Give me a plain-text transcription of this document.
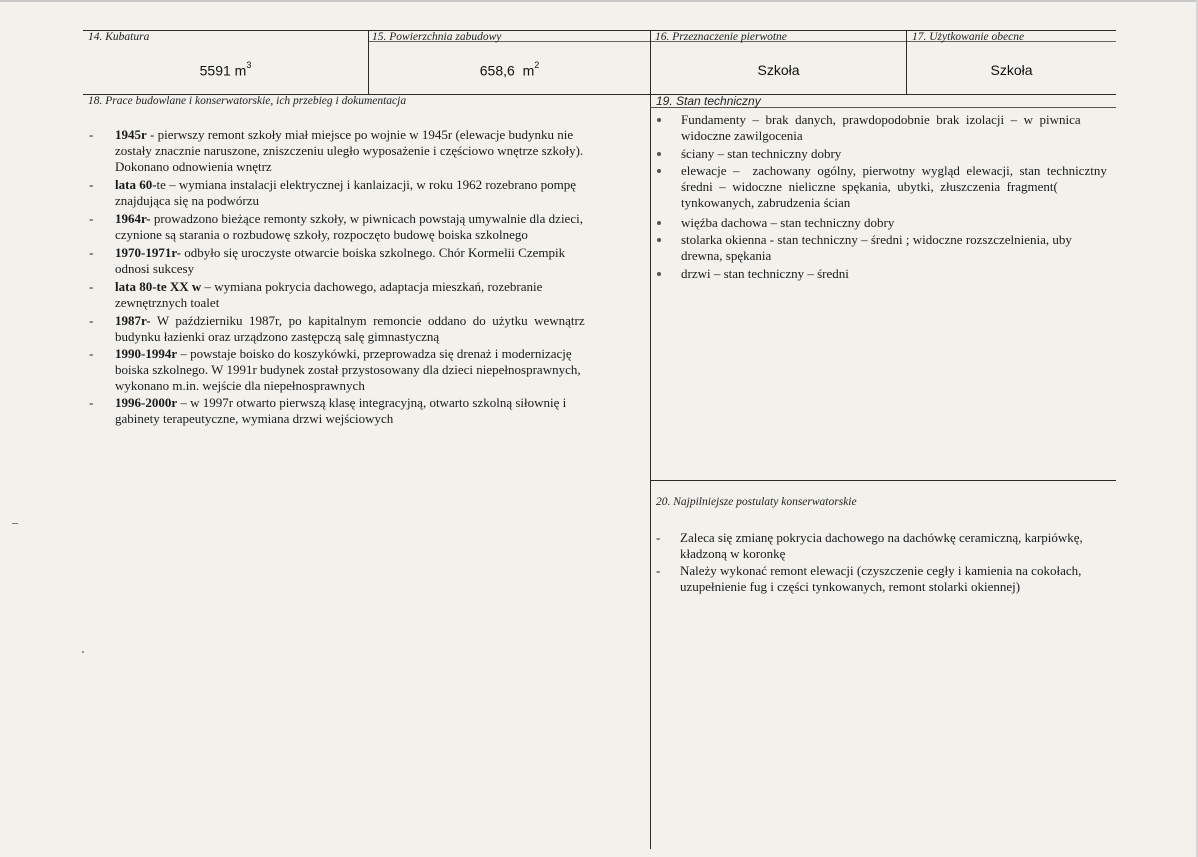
14. Kubatura
5591 $m^3$
15. Powierzchnia zabudowy
658,6  $m^2$
16. Przeznaczenie pierwotne
Szkoła
17. Użytkowanie obecne
Szkoła
18. Prace budowlane i konserwatorskie, ich przebieg i dokumentacja
- 1945r - pierwszy remont szkoły miał miejsce po wojnie w 1945r (elewacje budynku nie
zostały znacznie naruszone, zniszczeniu uległo wyposażenie i częściowo wnętrze szkoły).
Dokonano odnowienia wnętrz
- lata 60-te – wymiana instalacji elektrycznej i kanlaizacji, w roku 1962 rozebrano pompę
znajdująca się na podwórzu
- 1964r- prowadzono bieżące remonty szkoły, w piwnicach powstają umywalnie dla dzieci,
czynione są starania o rozbudowę szkoły, rozpoczęto budowę boiska szkolnego
- 1970-1971r- odbyło się uroczyste otwarcie boiska szkolnego. Chór Kormelii Czempik
odnosi sukcesy
- lata 80-te XX w – wymiana pokrycia dachowego, adaptacja mieszkań, rozebranie
zewnętrznych toalet
- 1987r-  W  październiku  1987r,  po  kapitalnym  remoncie  oddano  do  użytku  wewnątrz
budynku łazienki oraz urządzono zastępczą salę gimnastyczną
- 1990-1994r – powstaje boisko do koszykówki, przeprowadza się drenaż i modernizację
boiska szkolnego. W 1991r budynek został przystosowany dla dzieci niepełnosprawnych,
wykonano m.in. wejście dla niepełnosprawnych
- 1996-2000r – w 1997r otwarto pierwszą klasę integracyjną, otwarto szkolną siłownię i
gabinety terapeutyczne, wymiana drzwi wejściowych
19. Stan techniczny
Fundamenty  –  brak  danych,  prawdopodobnie  brak  izolacji  –  w  piwnica
widoczne zawilgocenia
ściany – stan techniczny dobry
elewacje  –    zachowany  ogólny,  pierwotny  wygląd  elewacji,  stan  technicztny
średni  –  widoczne  nieliczne  spękania,  ubytki,  złuszczenia  fragment(
tynkowanych, zabrudzenia ścian
więźba dachowa – stan techniczny dobry
stolarka okienna - stan techniczny – średni ; widoczne rozszczelnienia, uby
drewna, spękania
drzwi – stan techniczny – średni
20. Najpilniejsze postulaty konserwatorskie
- Zaleca się zmianę pokrycia dachowego na dachówkę ceramiczną, karpiówkę,
kładzoną w koronkę
- Należy wykonać remont elewacji (czyszczenie cegły i kamienia na cokołach,
uzupełnienie fug i części tynkowanych, remont stolarki okiennej)
